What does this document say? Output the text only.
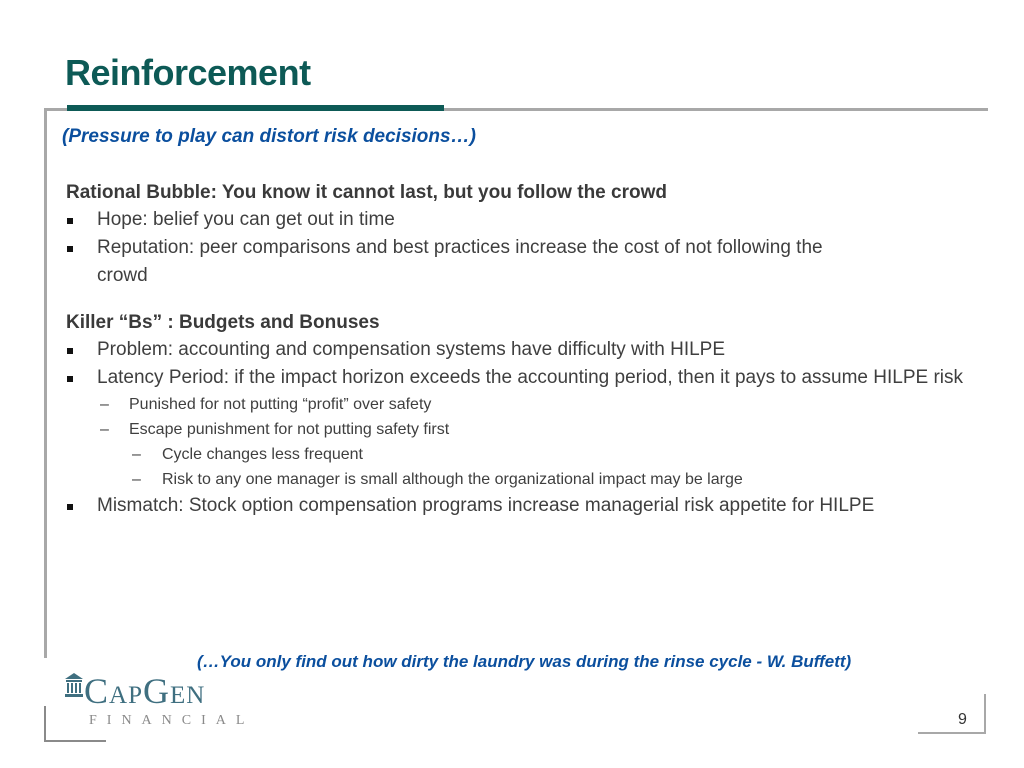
Reinforcement
(Pressure to play can distort risk decisions…)
Rational Bubble: You know it cannot last, but you follow the crowd
Hope: belief you can get out in time
Reputation: peer comparisons and best practices increase the cost of not following the crowd
Killer “Bs” : Budgets and Bonuses
Problem: accounting and compensation systems have difficulty with HILPE
Latency Period: if the impact horizon exceeds the accounting period, then it pays to assume HILPE risk
– Punished for not putting “profit” over safety
– Escape punishment for not putting safety first
– Cycle changes less frequent
– Risk to any one manager is small although the organizational impact may be large
Mismatch: Stock option compensation programs increase managerial risk appetite for HILPE
(…You only find out how dirty the laundry was during the rinse cycle - W. Buffett)
CapGen
FINANCIAL	9
